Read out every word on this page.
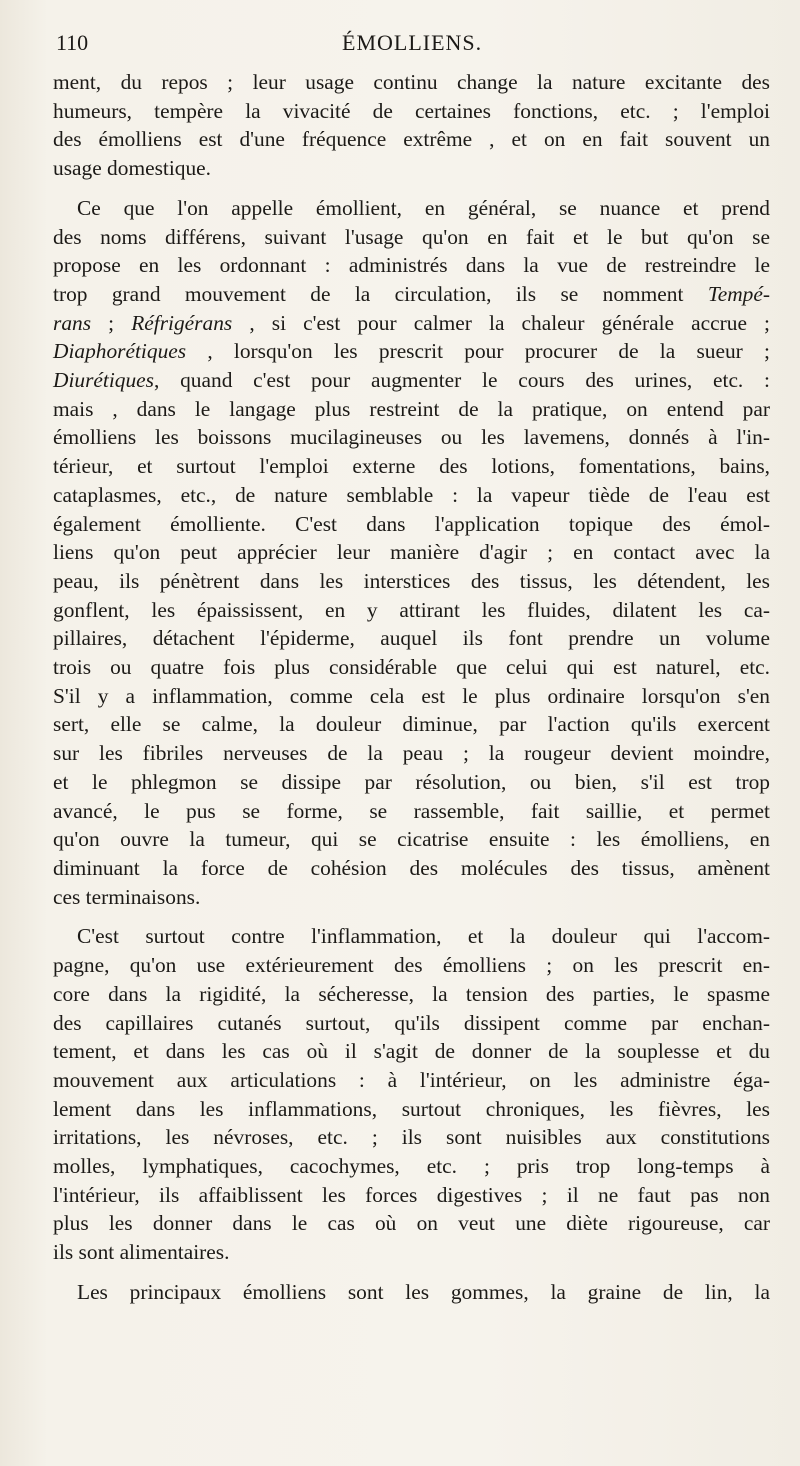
110	ÉMOLLIENS.
ment, du repos ; leur usage continu change la nature excitante des
humeurs, tempère la vivacité de certaines fonctions, etc. ; l'emploi
des émolliens est d'une fréquence extrême , et on en fait souvent un
usage domestique.
Ce que l'on appelle émollient, en général, se nuance et prend
des noms différens, suivant l'usage qu'on en fait et le but qu'on se
propose en les ordonnant : administrés dans la vue de restreindre le
trop grand mouvement de la circulation, ils se nomment Tempé-
rans ; Réfrigérans , si c'est pour calmer la chaleur générale accrue ;
Diaphorétiques , lorsqu'on les prescrit pour procurer de la sueur ;
Diurétiques, quand c'est pour augmenter le cours des urines, etc. :
mais , dans le langage plus restreint de la pratique, on entend par
émolliens les boissons mucilagineuses ou les lavemens, donnés à l'in-
térieur, et surtout l'emploi externe des lotions, fomentations, bains,
cataplasmes, etc., de nature semblable : la vapeur tiède de l'eau est
également émolliente. C'est dans l'application topique des émol-
liens qu'on peut apprécier leur manière d'agir ; en contact avec la
peau, ils pénètrent dans les interstices des tissus, les détendent, les
gonflent, les épaississent, en y attirant les fluides, dilatent les ca-
pillaires, détachent l'épiderme, auquel ils font prendre un volume
trois ou quatre fois plus considérable que celui qui est naturel, etc.
S'il y a inflammation, comme cela est le plus ordinaire lorsqu'on s'en
sert, elle se calme, la douleur diminue, par l'action qu'ils exercent
sur les fibriles nerveuses de la peau ; la rougeur devient moindre,
et le phlegmon se dissipe par résolution, ou bien, s'il est trop
avancé, le pus se forme, se rassemble, fait saillie, et permet
qu'on ouvre la tumeur, qui se cicatrise ensuite : les émolliens, en
diminuant la force de cohésion des molécules des tissus, amènent
ces terminaisons.
C'est surtout contre l'inflammation, et la douleur qui l'accom-
pagne, qu'on use extérieurement des émolliens ; on les prescrit en-
core dans la rigidité, la sécheresse, la tension des parties, le spasme
des capillaires cutanés surtout, qu'ils dissipent comme par enchan-
tement, et dans les cas où il s'agit de donner de la souplesse et du
mouvement aux articulations : à l'intérieur, on les administre éga-
lement dans les inflammations, surtout chroniques, les fièvres, les
irritations, les névroses, etc. ; ils sont nuisibles aux constitutions
molles, lymphatiques, cacochymes, etc. ; pris trop long-temps à
l'intérieur, ils affaiblissent les forces digestives ; il ne faut pas non
plus les donner dans le cas où on veut une diète rigoureuse, car
ils sont alimentaires.
Les principaux émolliens sont les gommes, la graine de lin, la
